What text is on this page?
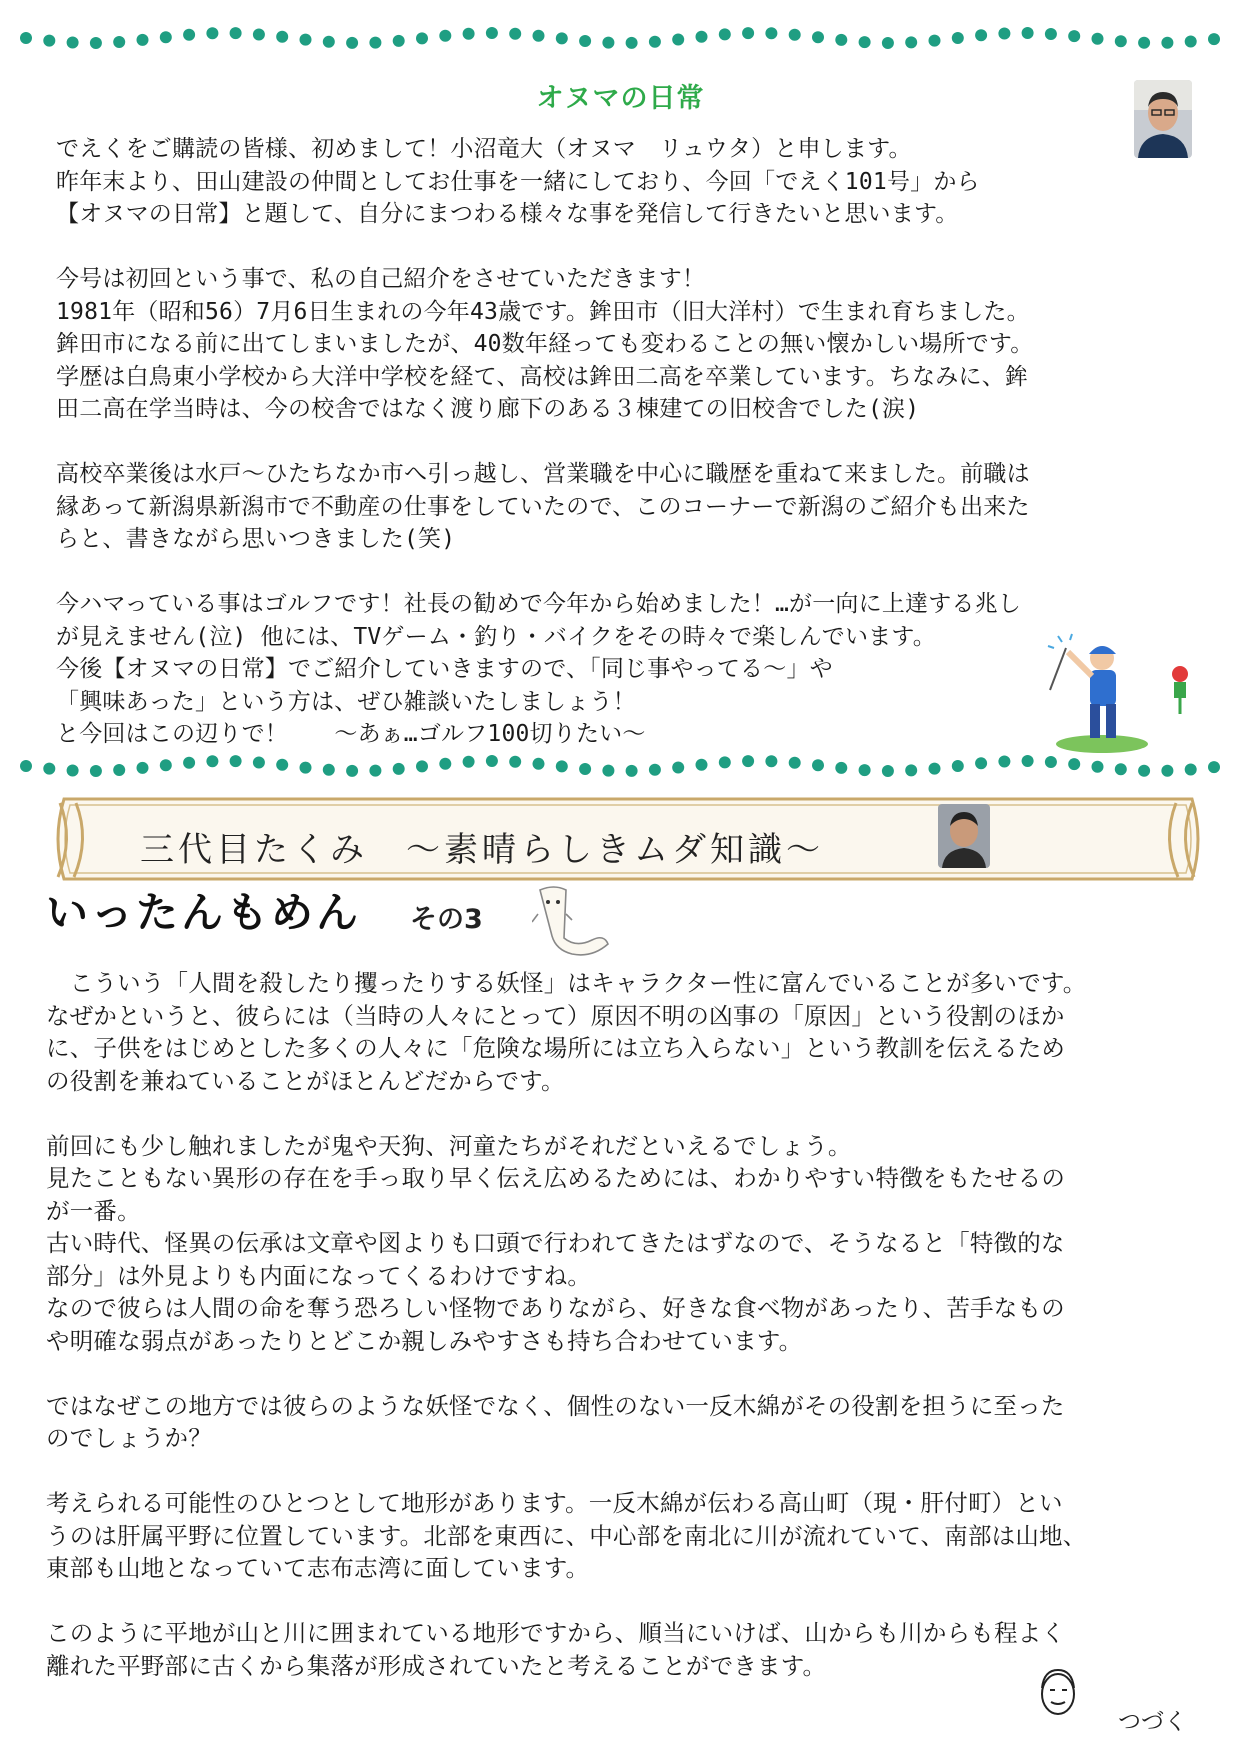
オヌマの日常
でえくをご購読の皆様、初めまして！小沼竜大（オヌマ　リュウタ）と申します。
昨年末より、田山建設の仲間としてお仕事を一緒にしており、今回「でえく101号」から
【オヌマの日常】と題して、自分にまつわる様々な事を発信して行きたいと思います。

今号は初回という事で、私の自己紹介をさせていただきます！
1981年（昭和56）7月6日生まれの今年43歳です。鉾田市（旧大洋村）で生まれ育ちました。
鉾田市になる前に出てしまいましたが、40数年経っても変わることの無い懐かしい場所です。
学歴は白鳥東小学校から大洋中学校を経て、高校は鉾田二高を卒業しています。ちなみに、鉾
田二高在学当時は、今の校舎ではなく渡り廊下のある３棟建ての旧校舎でした(涙)

高校卒業後は水戸～ひたちなか市へ引っ越し、営業職を中心に職歴を重ねて来ました。前職は
縁あって新潟県新潟市で不動産の仕事をしていたので、このコーナーで新潟のご紹介も出来た
らと、書きながら思いつきました(笑)

今ハマっている事はゴルフです！社長の勧めで今年から始めました！…が一向に上達する兆し
が見えません(泣) 他には、TVゲーム・釣り・バイクをその時々で楽しんでいます。
今後【オヌマの日常】でご紹介していきますので、「同じ事やってる～」や
「興味あった」という方は、ぜひ雑談いたしましょう！
と今回はこの辺りで！　　～あぁ…ゴルフ100切りたい～
三代目たくみ　～素晴らしきムダ知識～
いったんもめん その3
　こういう「人間を殺したり攫ったりする妖怪」はキャラクター性に富んでいることが多いです。
なぜかというと、彼らには（当時の人々にとって）原因不明の凶事の「原因」という役割のほか
に、子供をはじめとした多くの人々に「危険な場所には立ち入らない」という教訓を伝えるため
の役割を兼ねていることがほとんどだからです。

前回にも少し触れましたが鬼や天狗、河童たちがそれだといえるでしょう。
見たこともない異形の存在を手っ取り早く伝え広めるためには、わかりやすい特徴をもたせるの
が一番。
古い時代、怪異の伝承は文章や図よりも口頭で行われてきたはずなので、そうなると「特徴的な
部分」は外見よりも内面になってくるわけですね。
なので彼らは人間の命を奪う恐ろしい怪物でありながら、好きな食べ物があったり、苦手なもの
や明確な弱点があったりとどこか親しみやすさも持ち合わせています。

ではなぜこの地方では彼らのような妖怪でなく、個性のない一反木綿がその役割を担うに至った
のでしょうか？

考えられる可能性のひとつとして地形があります。一反木綿が伝わる高山町（現・肝付町）とい
うのは肝属平野に位置しています。北部を東西に、中心部を南北に川が流れていて、南部は山地、
東部も山地となっていて志布志湾に面しています。

このように平地が山と川に囲まれている地形ですから、順当にいけば、山からも川からも程よく
離れた平野部に古くから集落が形成されていたと考えることができます。
つづく
